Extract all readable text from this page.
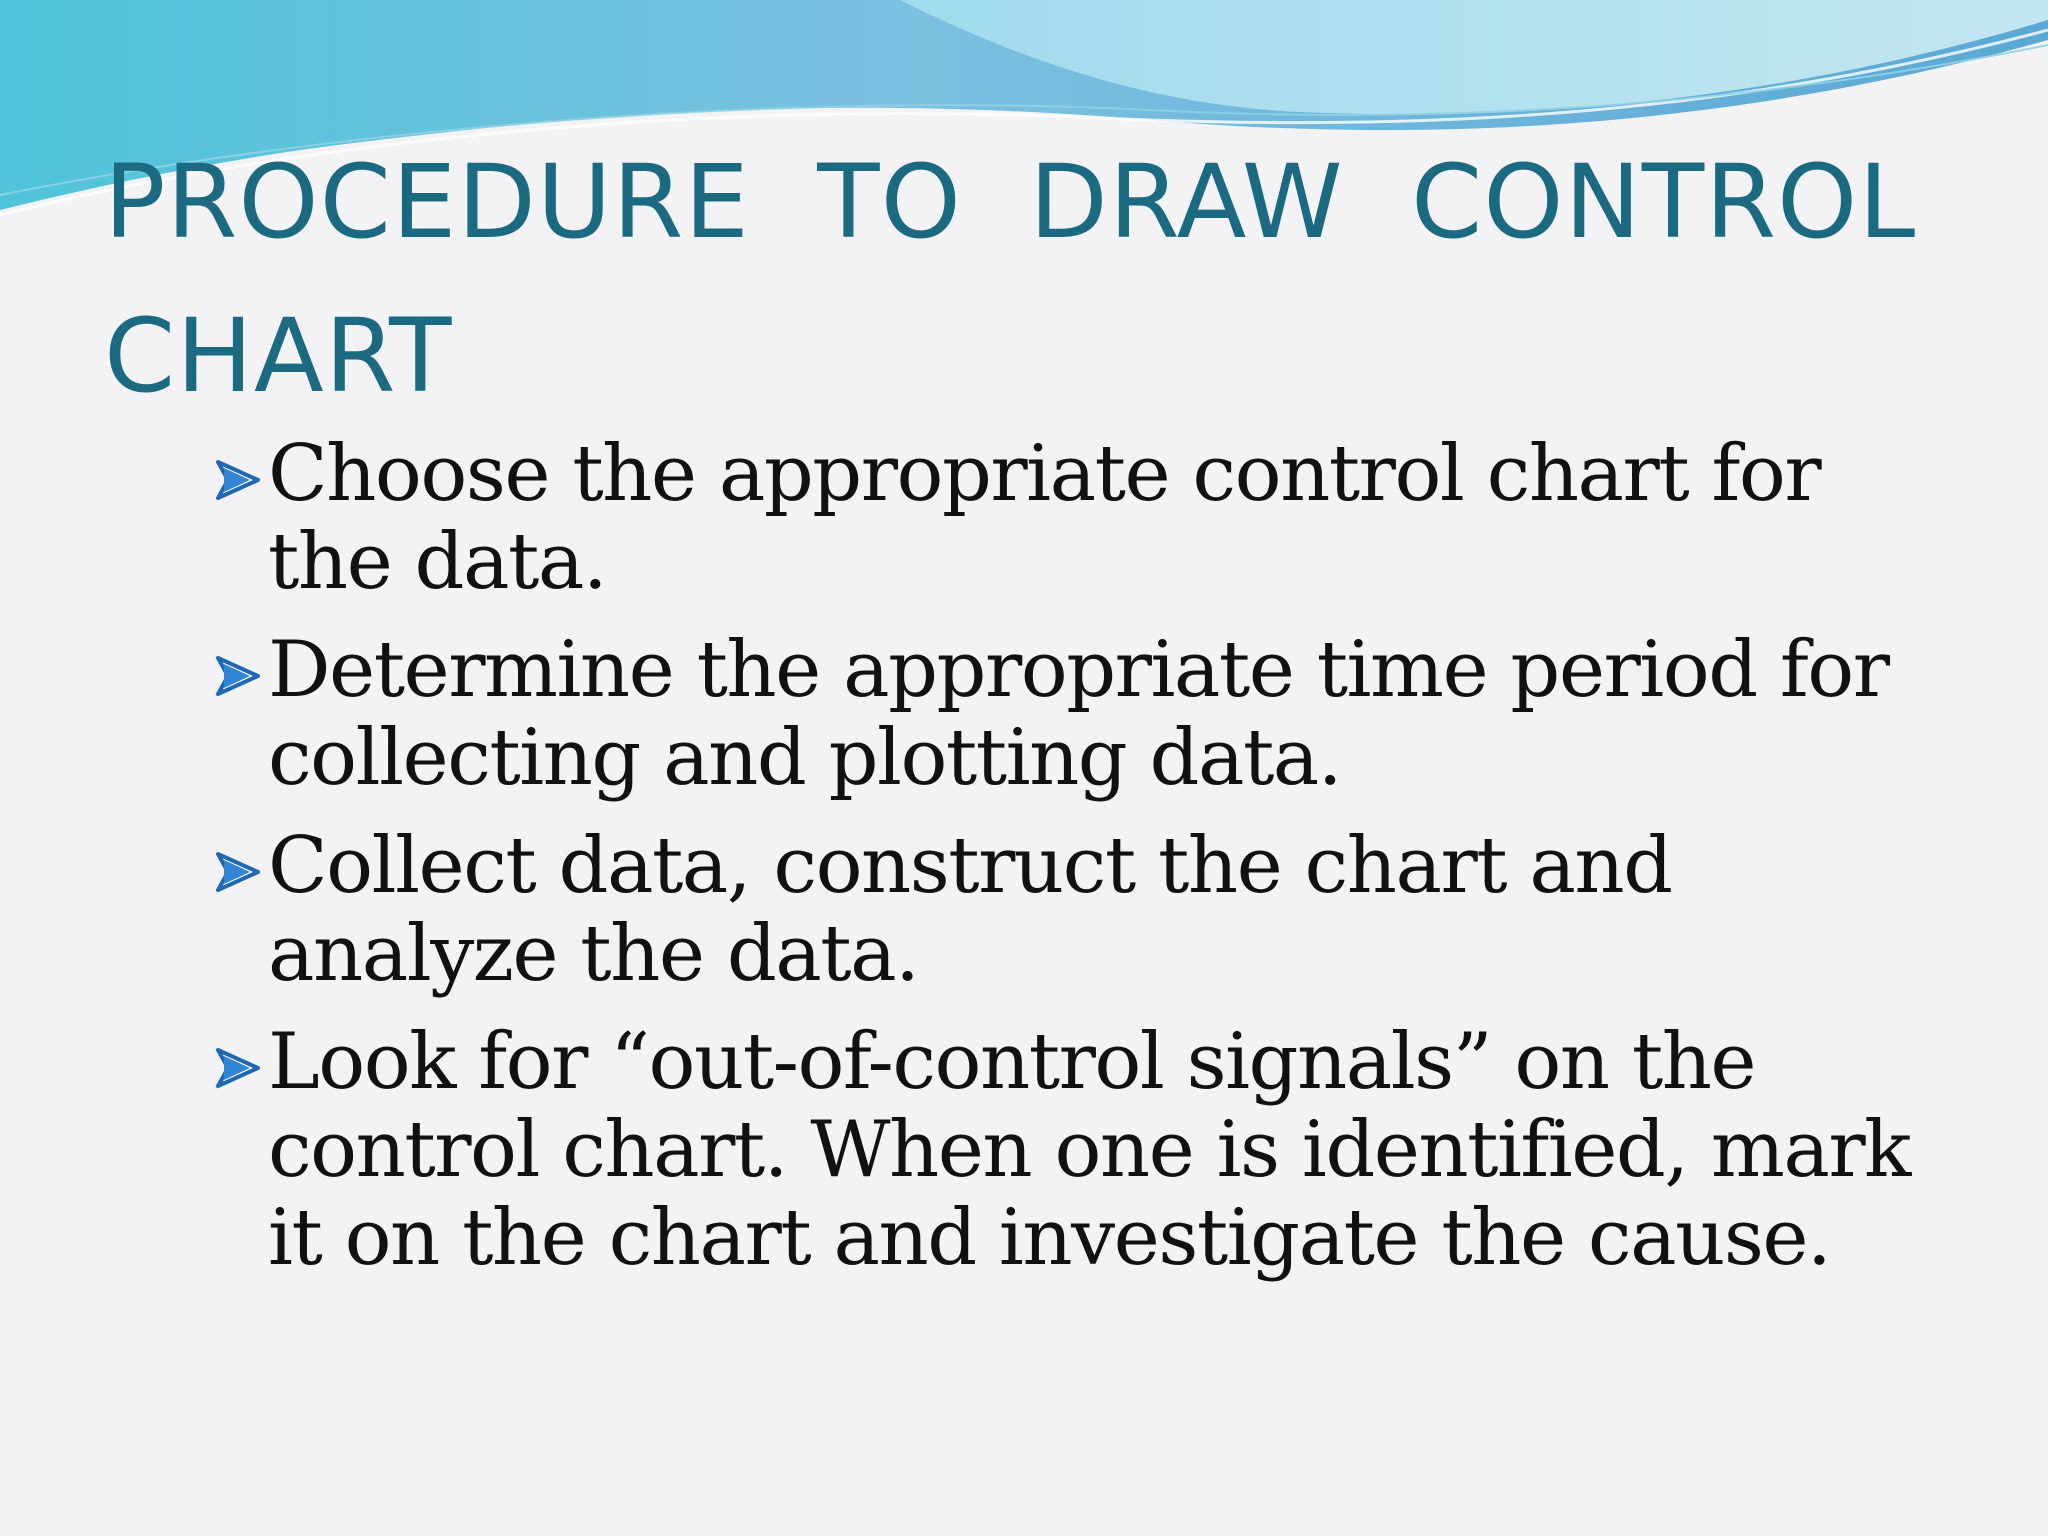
PROCEDURE TO DRAW CONTROL CHART
Choose the appropriate control chart for the data.
Determine the appropriate time period for collecting and plotting data.
Collect data, construct the chart and analyze the data.
Look for “out-of-control signals” on the control chart. When one is identified, mark it on the chart and investigate the cause.
